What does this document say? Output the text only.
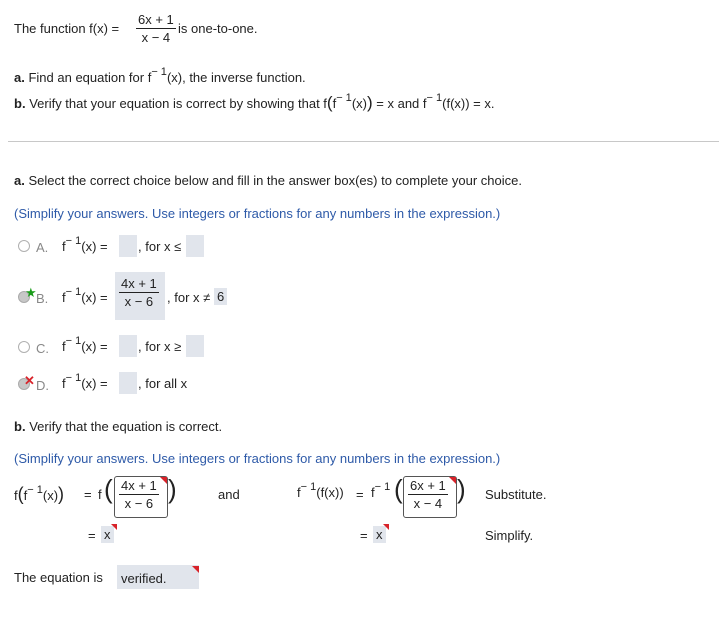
The function $f(x) = \frac{6x + 1}{x - 4}$ is one-to-one.
a. Find an equation for $f^{- 1}(x)$, the inverse function.
b. Verify that your equation is correct by showing that $f(f^{- 1}(x)) = x$ and $f^{- 1}(f(x)) = x$.
a. Select the correct choice below and fill in the answer box(es) to complete your choice.
(Simplify your answers. Use integers or fractions for any numbers in the expression.)
A. $f^{- 1}(x)$ = , for x ≤
★ B. $f^{- 1}(x) = \frac{4x + 1}{x - 6}$ , for x ≠ 6
C. $f^{- 1}(x)$ = , for x ≥
✕ D. $f^{- 1}(x)$ = , for all x
b. Verify that the equation is correct.
(Simplify your answers. Use integers or fractions for any numbers in the expression.)
$f(f^{- 1}(x)) = f$ ( $\frac{4x + 1}{x - 6}$ )	and	$f^{- 1}(f(x)) = f^{- 1}$ ( $\frac{6x + 1}{x - 4}$ ) Substitute.
= x	= x	Simplify.
The equation is verified.
